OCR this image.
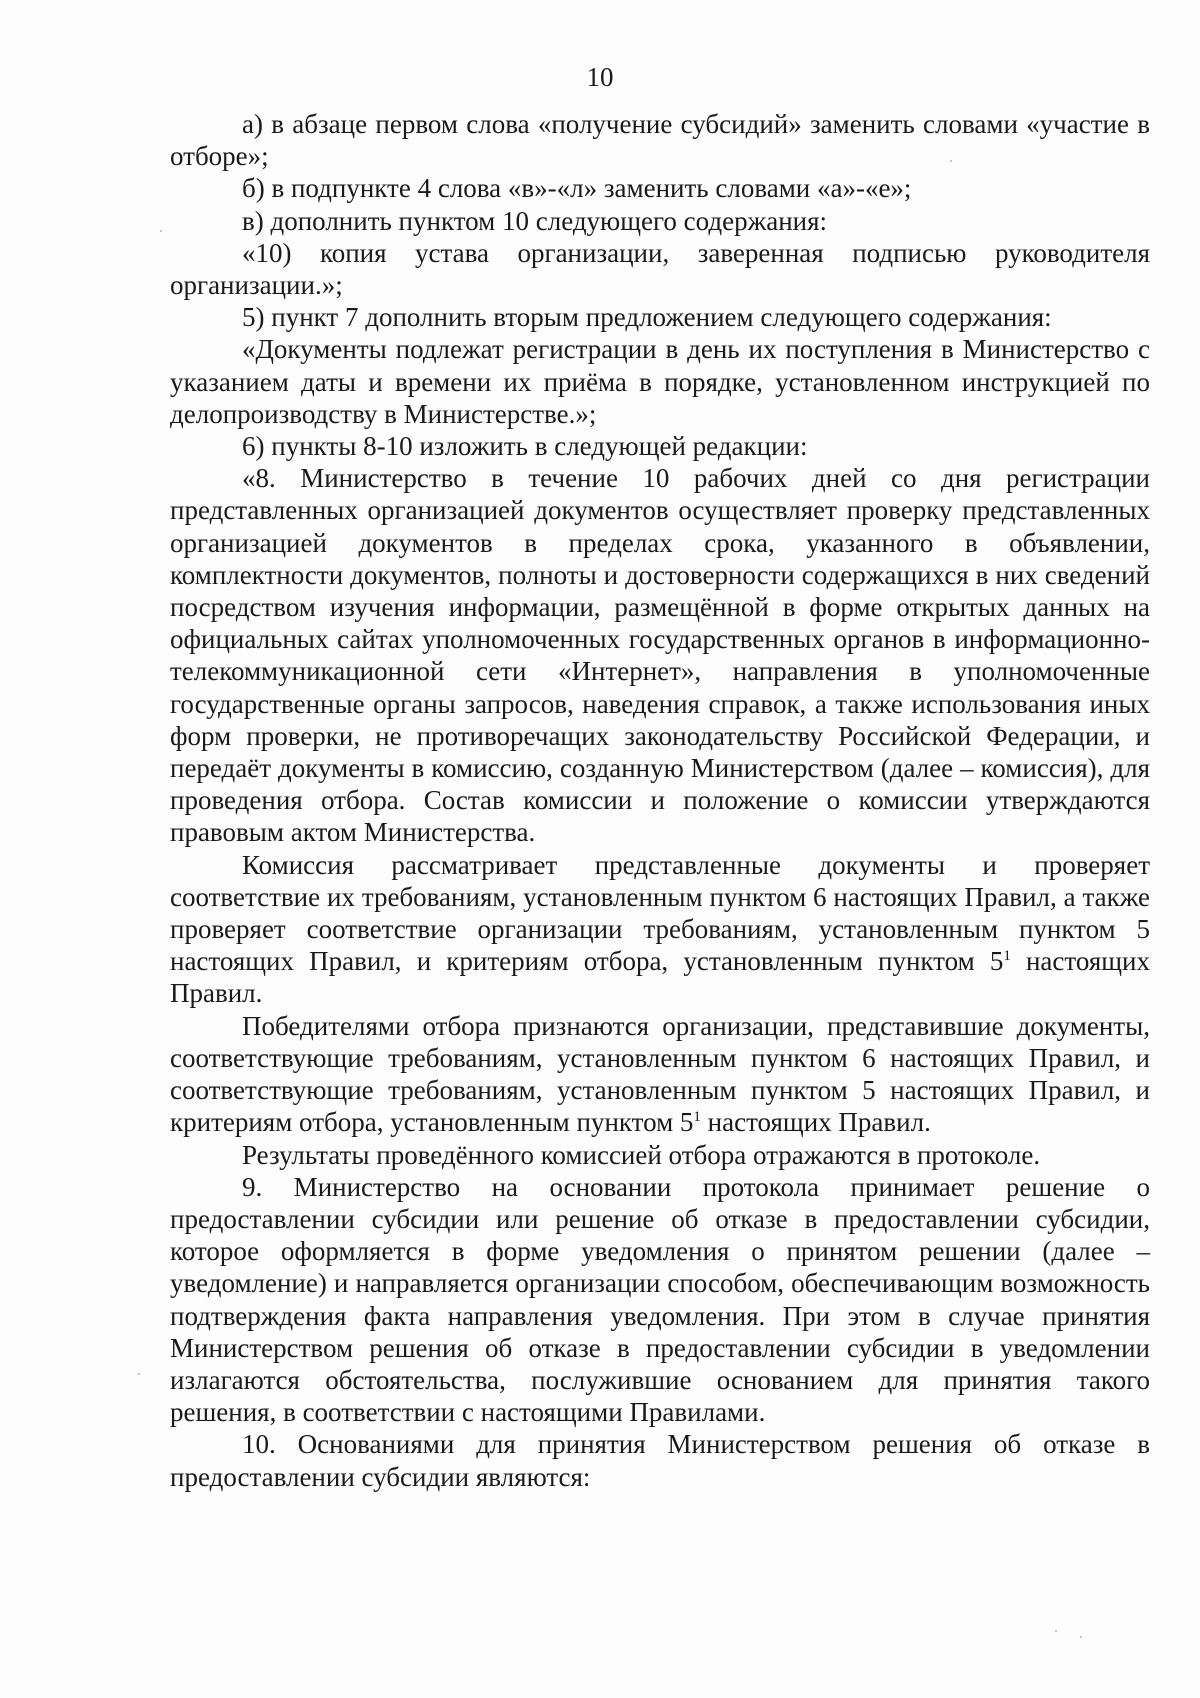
10

а) в абзаце первом слова «получение субсидий» заменить словами «участие в отборе»;

б) в подпункте 4 слова «в»-«л» заменить словами «а»-«е»;

в) дополнить пунктом 10 следующего содержания:

«10) копия устава организации, заверенная подписью руководителя организации.»;

5) пункт 7 дополнить вторым предложением следующего содержания:

«Документы подлежат регистрации в день их поступления в Министерство с указанием даты и времени их приёма в порядке, установленном инструкцией по делопроизводству в Министерстве.»;

6) пункты 8-10 изложить в следующей редакции:

«8. Министерство в течение 10 рабочих дней со дня регистрации представленных организацией документов осуществляет проверку представленных организацией документов в пределах срока, указанного в объявлении, комплектности документов, полноты и достоверности содержащихся в них сведений посредством изучения информации, размещённой в форме открытых данных на официальных сайтах уполномоченных государственных органов в информационно-телекоммуникационной сети «Интернет», направления в уполномоченные государственные органы запросов, наведения справок, а также использования иных форм проверки, не противоречащих законодательству Российской Федерации, и передаёт документы в комиссию, созданную Министерством (далее – комиссия), для проведения отбора. Состав комиссии и положение о комиссии утверждаются правовым актом Министерства.

Комиссия рассматривает представленные документы и проверяет соответствие их требованиям, установленным пунктом 6 настоящих Правил, а также проверяет соответствие организации требованиям, установленным пунктом 5 настоящих Правил, и критериям отбора, установленным пунктом $5^1$ настоящих Правил.

Победителями отбора признаются организации, представившие документы, соответствующие требованиям, установленным пунктом 6 настоящих Правил, и соответствующие требованиям, установленным пунктом 5 настоящих Правил, и критериям отбора, установленным пунктом $5^1$ настоящих Правил.

Результаты проведённого комиссией отбора отражаются в протоколе.

9. Министерство на основании протокола принимает решение о предоставлении субсидии или решение об отказе в предоставлении субсидии, которое оформляется в форме уведомления о принятом решении (далее – уведомление) и направляется организации способом, обеспечивающим возможность подтверждения факта направления уведомления. При этом в случае принятия Министерством решения об отказе в предоставлении субсидии в уведомлении излагаются обстоятельства, послужившие основанием для принятия такого решения, в соответствии с настоящими Правилами.

10. Основаниями для принятия Министерством решения об отказе в предоставлении субсидии являются:
